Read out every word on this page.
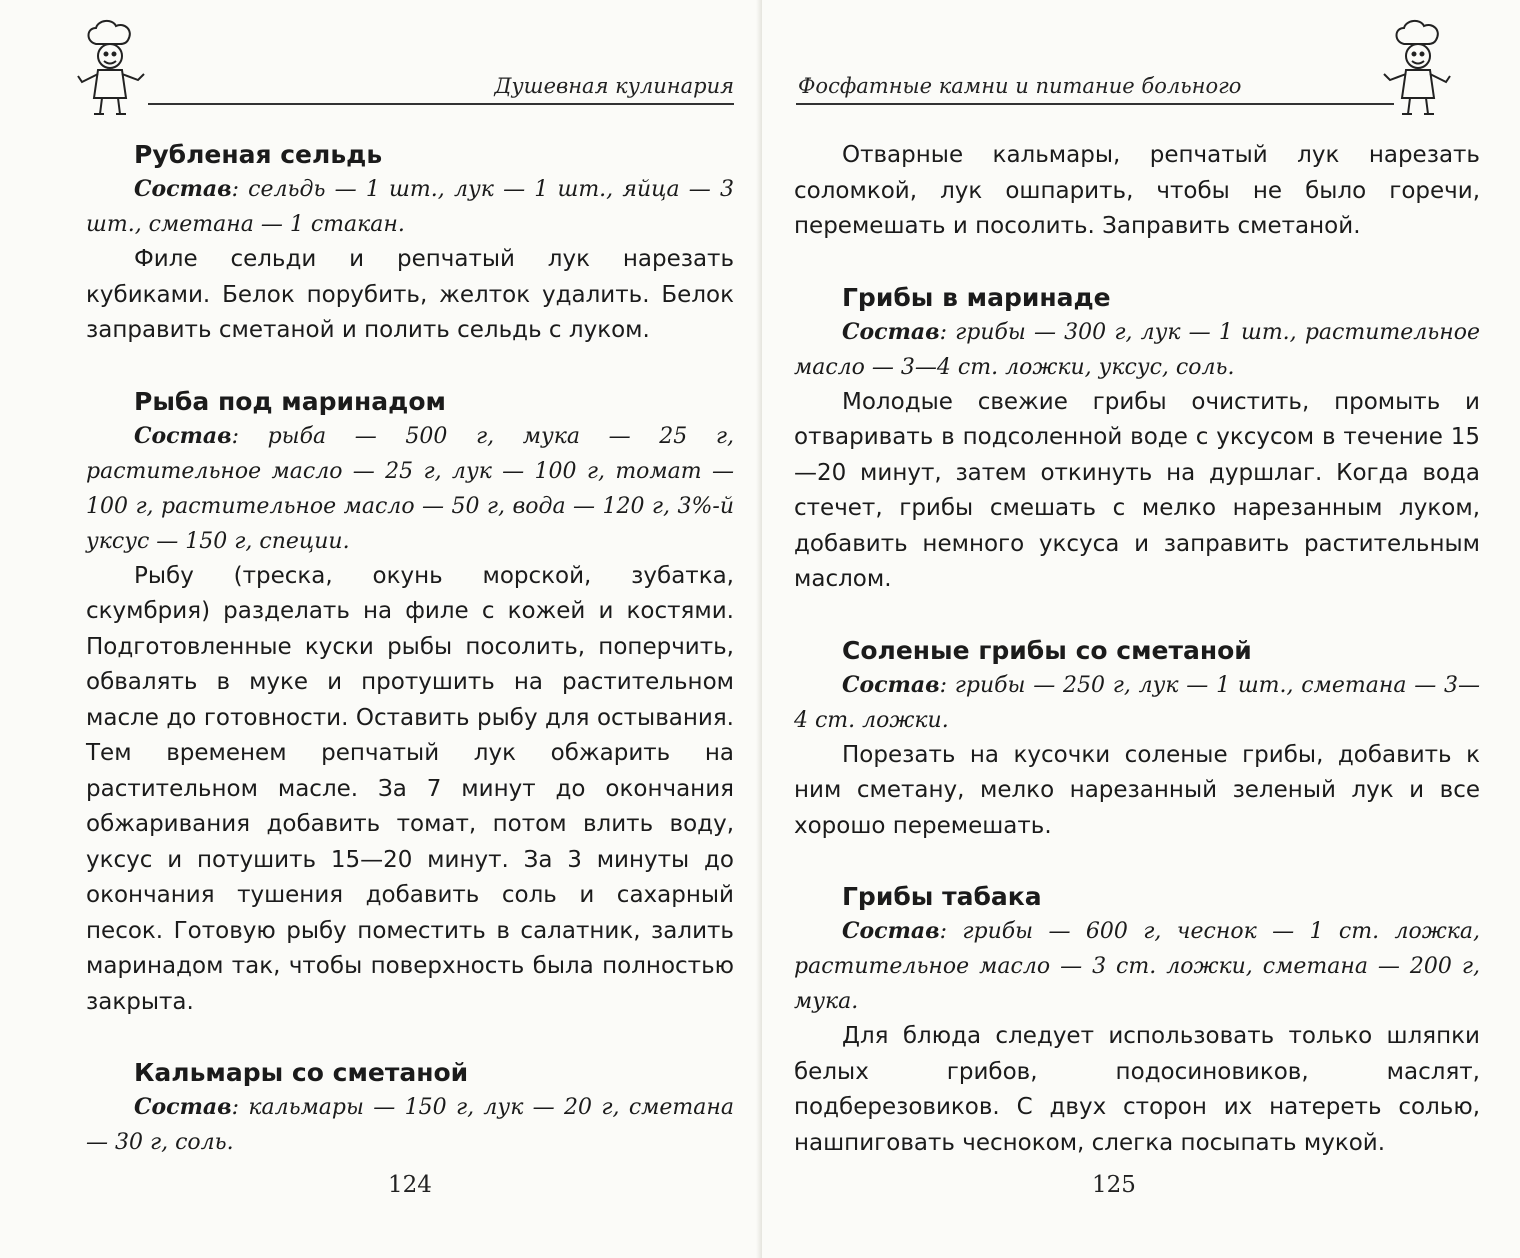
Душевная кулинария
Рубленая сельдь

Состав: сельдь — 1 шт., лук — 1 шт., яйца — 3 шт., сметана — 1 стакан.

Филе сельди и репчатый лук нарезать кубиками. Белок порубить, желток удалить. Белок заправить сметаной и полить сельдь с луком.

Рыба под маринадом

Состав: рыба — 500 г, мука — 25 г, растительное масло — 25 г, лук — 100 г, томат — 100 г, растительное масло — 50 г, вода — 120 г, 3%-й уксус — 150 г, специи.

Рыбу (треска, окунь морской, зубатка, скумбрия) разделать на филе с кожей и костями. Подготовленные куски рыбы посолить, поперчить, обвалять в муке и протушить на растительном масле до готовности. Оставить рыбу для остывания. Тем временем репчатый лук обжарить на растительном масле. За 7 минут до окончания обжаривания добавить томат, потом влить воду, уксус и потушить 15—20 минут. За 3 минуты до окончания тушения добавить соль и сахарный песок. Готовую рыбу поместить в салатник, залить маринадом так, чтобы поверхность была полностью закрыта.

Кальмары со сметаной

Состав: кальмары — 150 г, лук — 20 г, сметана — 30 г, соль.

124
Фосфатные камни и питание больного

Отварные кальмары, репчатый лук нарезать соломкой, лук ошпарить, чтобы не было горечи, перемешать и посолить. Заправить сметаной.

Грибы в маринаде

Состав: грибы — 300 г, лук — 1 шт., растительное масло — 3—4 ст. ложки, уксус, соль.

Молодые свежие грибы очистить, промыть и отваривать в подсоленной воде с уксусом в течение 15—20 минут, затем откинуть на дуршлаг. Когда вода стечет, грибы смешать с мелко нарезанным луком, добавить немного уксуса и заправить растительным маслом.

Соленые грибы со сметаной

Состав: грибы — 250 г, лук — 1 шт., сметана — 3—4 ст. ложки.

Порезать на кусочки соленые грибы, добавить к ним сметану, мелко нарезанный зеленый лук и все хорошо перемешать.

Грибы табака

Состав: грибы — 600 г, чеснок — 1 ст. ложка, растительное масло — 3 ст. ложки, сметана — 200 г, мука.

Для блюда следует использовать только шляпки белых грибов, подосиновиков, маслят, подберезовиков. С двух сторон их натереть солью, нашпиговать чесноком, слегка посыпать мукой.

125
